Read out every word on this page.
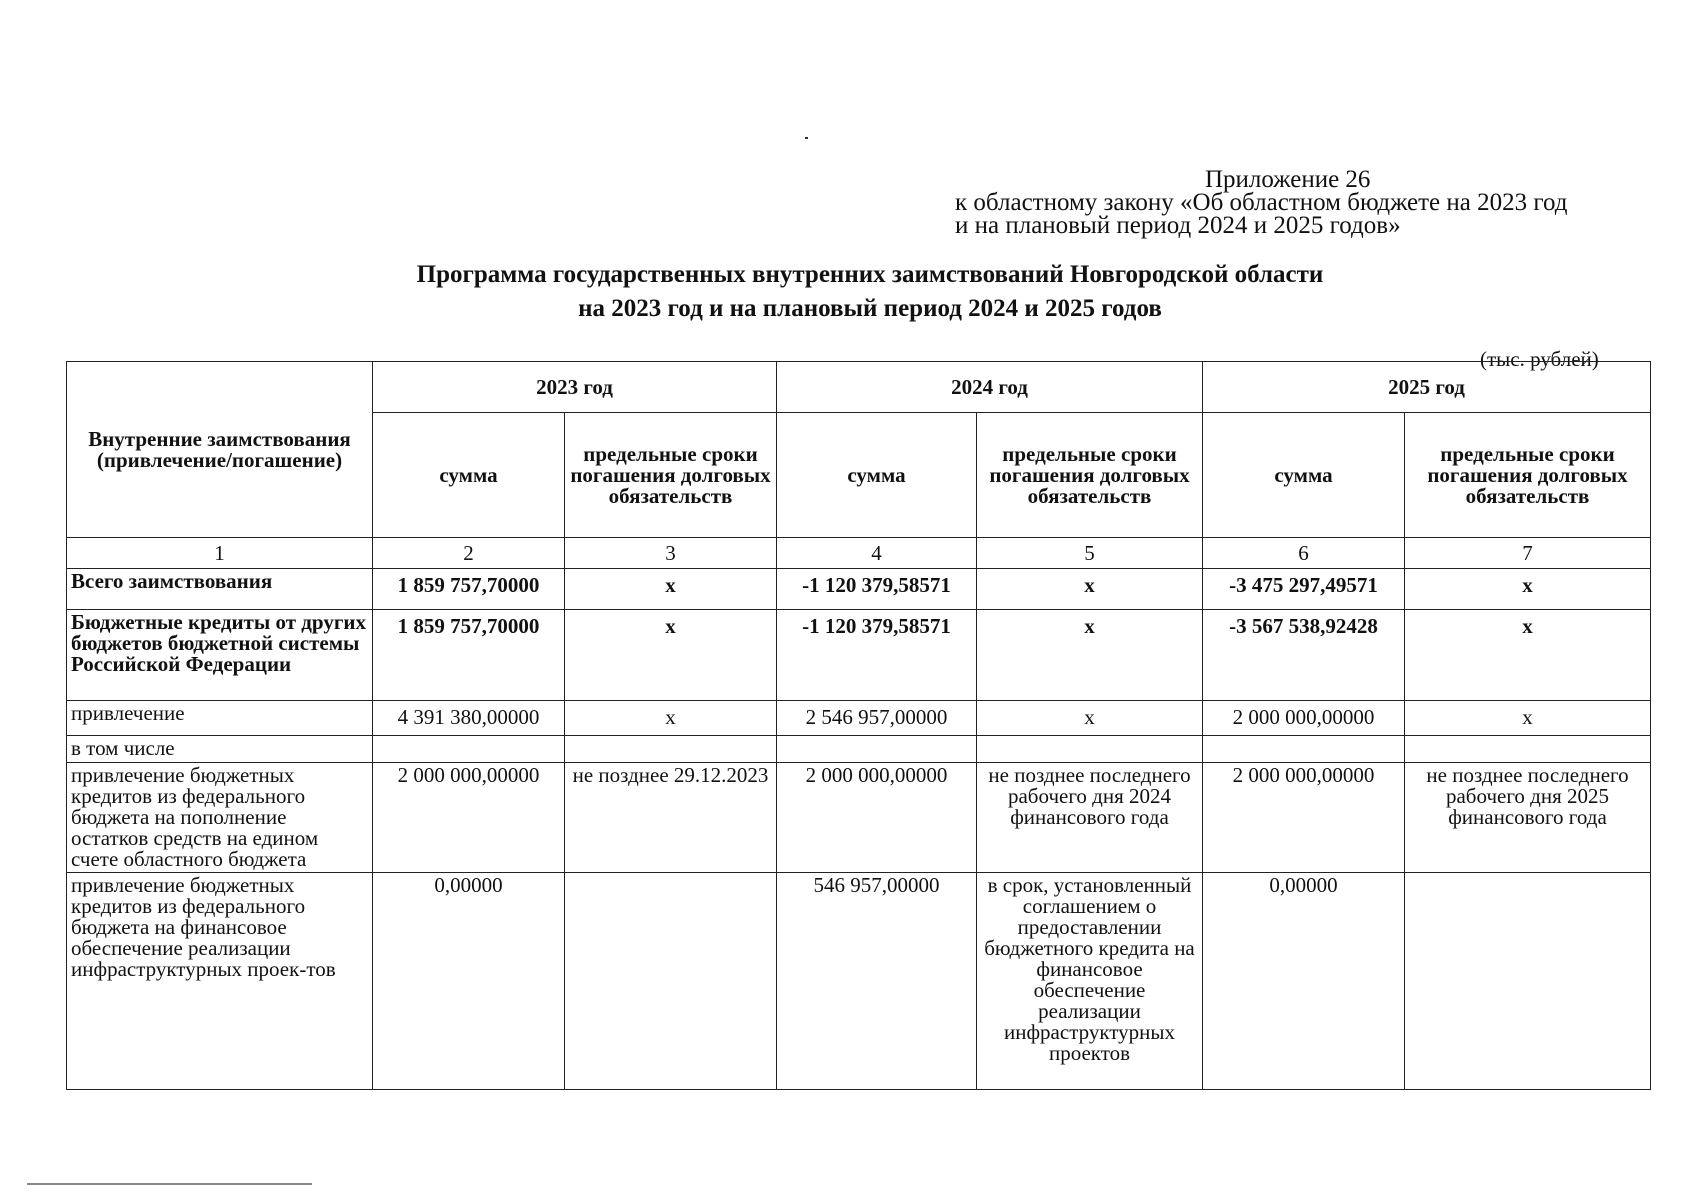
Приложение 26
к областному закону «Об областном бюджете на 2023 год
и на плановый период 2024 и 2025 годов»
Программа государственных внутренних заимствований Новгородской области
на 2023 год и на плановый период 2024 и 2025 годов
(тыс. рублей)
Внутренние заимствования (привлечение/погашение)	2023 год		2024 год		2025 год	
	сумма	предельные сроки погашения долговых обязательств	сумма	предельные сроки погашения долговых обязательств	сумма	предельные сроки погашения долговых обязательств
1	2	3	4	5	6	7
Всего заимствования	1 859 757,70000	x	-1 120 379,58571	x	-3 475 297,49571	x
Бюджетные кредиты от других бюджетов бюджетной системы Российской Федерации	1 859 757,70000	x	-1 120 379,58571	x	-3 567 538,92428	x
привлечение	4 391 380,00000	x	2 546 957,00000	x	2 000 000,00000	x
в том числе						
привлечение бюджетных кредитов из федерального бюджета на пополнение остатков средств на едином счете областного бюджета	2 000 000,00000	не позднее 29.12.2023	2 000 000,00000	не позднее последнего рабочего дня 2024 финансового года	2 000 000,00000	не позднее последнего рабочего дня 2025 финансового года
привлечение бюджетных кредитов из федерального бюджета на финансовое обеспечение реализации инфраструктурных проек-тов	0,00000		546 957,00000	в срок, установленный соглашением о предоставлении бюджетного кредита на финансовое обеспечение реализации инфраструктурных проектов	0,00000	
